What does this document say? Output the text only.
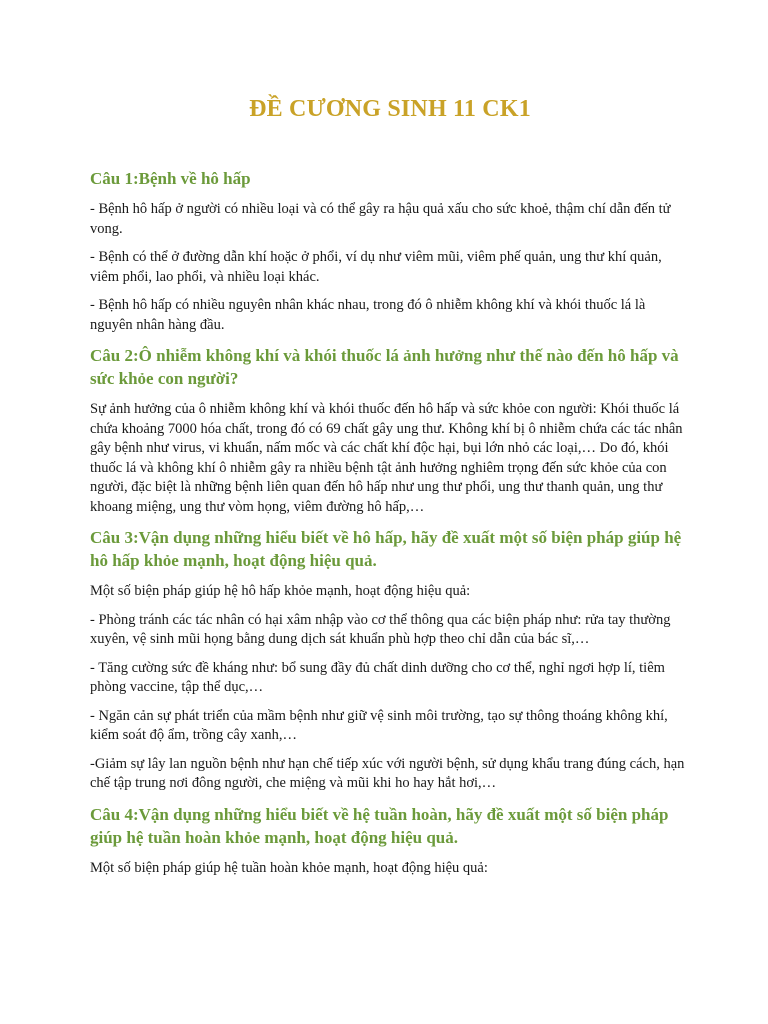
ĐỀ CƯƠNG SINH 11 CK1
Câu 1:Bệnh về hô hấp

- Bệnh hô hấp ở người có nhiều loại và có thể gây ra hậu quả xấu cho sức khoẻ, thậm chí dẫn đến tử vong.

- Bệnh có thể ở đường dẫn khí hoặc ở phổi, ví dụ như viêm mũi, viêm phế quản, ung thư khí quản, viêm phổi, lao phổi, và nhiều loại khác.

- Bệnh hô hấp có nhiều nguyên nhân khác nhau, trong đó ô nhiễm không khí và khói thuốc lá là nguyên nhân hàng đầu.

Câu 2:Ô nhiễm không khí và khói thuốc lá ảnh hưởng như thế nào đến hô hấp và sức khỏe con người?

Sự ảnh hưởng của ô nhiễm không khí và khói thuốc đến hô hấp và sức khỏe con người: Khói thuốc lá chứa khoảng 7000 hóa chất, trong đó có 69 chất gây ung thư. Không khí bị ô nhiễm chứa các tác nhân gây bệnh như virus, vi khuẩn, nấm mốc và các chất khí độc hại, bụi lớn nhỏ các loại,… Do đó, khói thuốc lá và không khí ô nhiễm gây ra nhiều bệnh tật ảnh hưởng nghiêm trọng đến sức khỏe của con người, đặc biệt là những bệnh liên quan đến hô hấp như ung thư phổi, ung thư thanh quản, ung thư khoang miệng, ung thư vòm họng, viêm đường hô hấp,…

Câu 3:Vận dụng những hiểu biết về hô hấp, hãy đề xuất một số biện pháp giúp hệ hô hấp khỏe mạnh, hoạt động hiệu quả.

Một số biện pháp giúp hệ hô hấp khỏe mạnh, hoạt động hiệu quả:

- Phòng tránh các tác nhân có hại xâm nhập vào cơ thể thông qua các biện pháp như: rửa tay thường xuyên, vệ sinh mũi họng bằng dung dịch sát khuẩn phù hợp theo chỉ dẫn của bác sĩ,…

- Tăng cường sức đề kháng như: bổ sung đầy đủ chất dinh dưỡng cho cơ thể, nghỉ ngơi hợp lí, tiêm phòng vaccine, tập thể dục,…

- Ngăn cản sự phát triển của mầm bệnh như giữ vệ sinh môi trường, tạo sự thông thoáng không khí, kiểm soát độ ẩm, trồng cây xanh,…

-Giảm sự lây lan nguồn bệnh như hạn chế tiếp xúc với người bệnh, sử dụng khẩu trang đúng cách, hạn chế tập trung nơi đông người, che miệng và mũi khi ho hay hắt hơi,…

Câu 4:Vận dụng những hiểu biết về hệ tuần hoàn, hãy đề xuất một số biện pháp giúp hệ tuần hoàn khỏe mạnh, hoạt động hiệu quả.

Một số biện pháp giúp hệ tuần hoàn khỏe mạnh, hoạt động hiệu quả:
